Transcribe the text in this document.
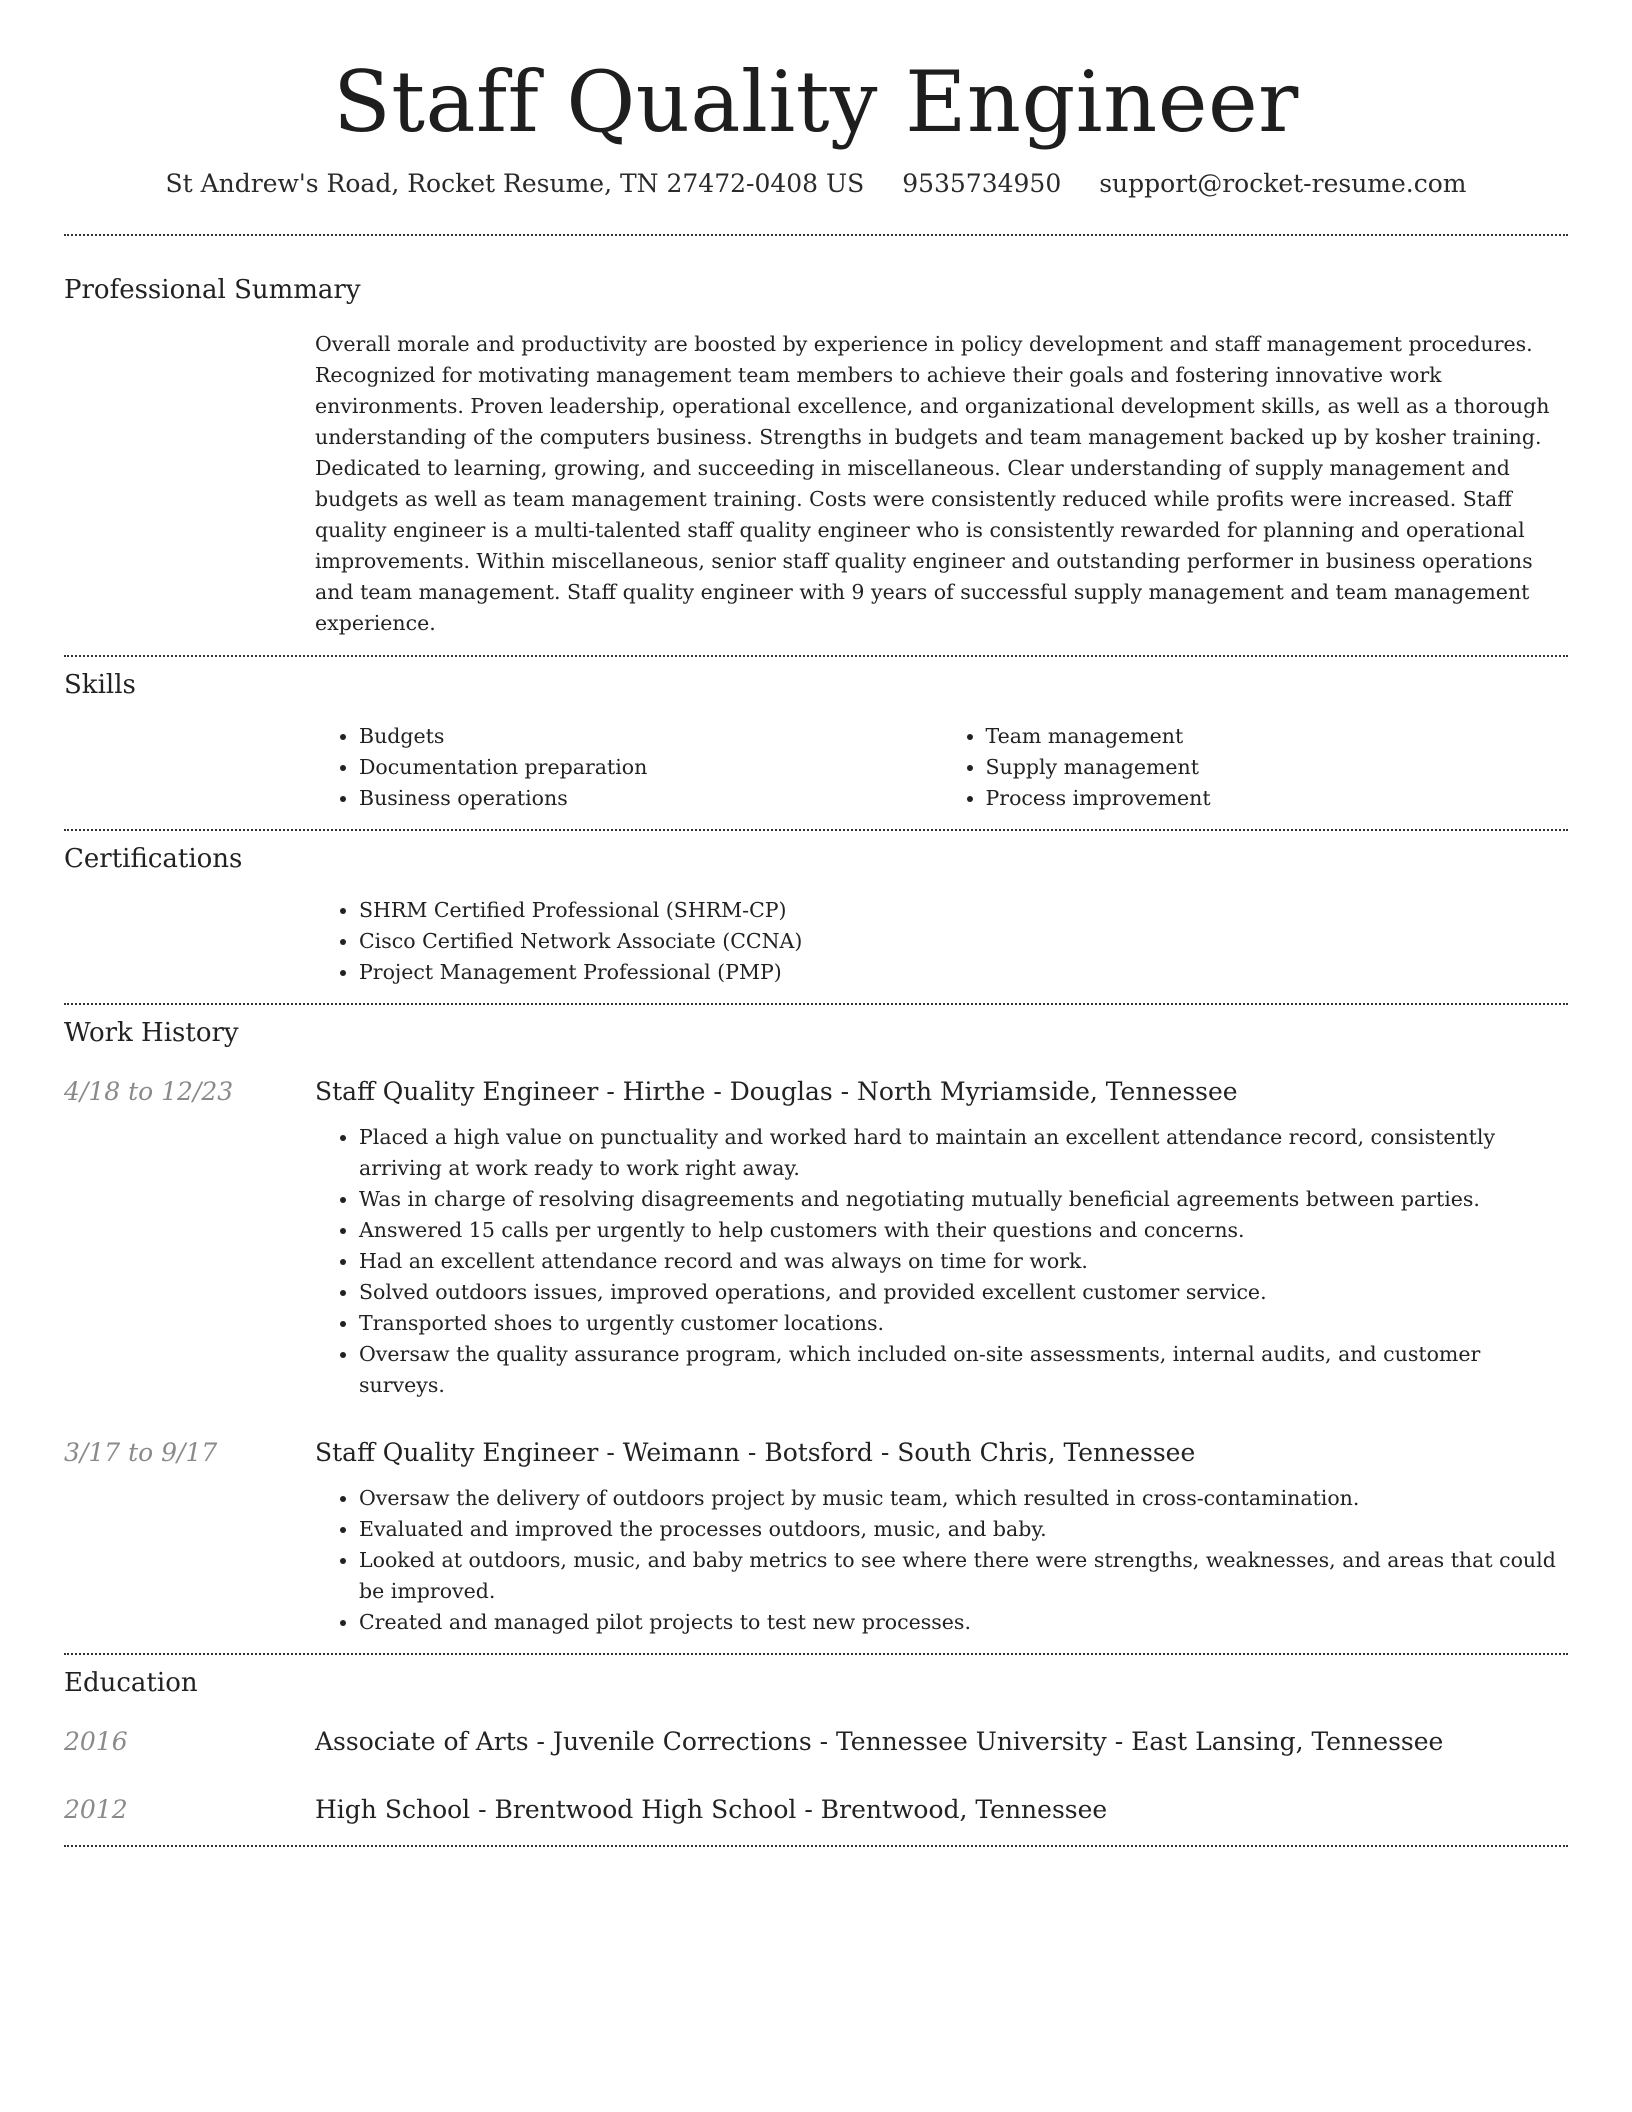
Staff Quality Engineer
St Andrew's Road, Rocket Resume, TN 27472-0408 US 9535734950 support@rocket-resume.com
Professional Summary
Overall morale and productivity are boosted by experience in policy development and staff management procedures. Recognized for motivating management team members to achieve their goals and fostering innovative work environments. Proven leadership, operational excellence, and organizational development skills, as well as a thorough understanding of the computers business. Strengths in budgets and team management backed up by kosher training. Dedicated to learning, growing, and succeeding in miscellaneous. Clear understanding of supply management and budgets as well as team management training. Costs were consistently reduced while profits were increased. Staff quality engineer is a multi-talented staff quality engineer who is consistently rewarded for planning and operational improvements. Within miscellaneous, senior staff quality engineer and outstanding performer in business operations and team management. Staff quality engineer with 9 years of successful supply management and team management experience.
Skills
• Budgets
• Documentation preparation
• Business operations
• Team management
• Supply management
• Process improvement
Certifications
• SHRM Certified Professional (SHRM-CP)
• Cisco Certified Network Associate (CCNA)
• Project Management Professional (PMP)
Work History
4/18 to 12/23	Staff Quality Engineer - Hirthe - Douglas - North Myriamside, Tennessee
• Placed a high value on punctuality and worked hard to maintain an excellent attendance record, consistently arriving at work ready to work right away.
• Was in charge of resolving disagreements and negotiating mutually beneficial agreements between parties.
• Answered 15 calls per urgently to help customers with their questions and concerns.
• Had an excellent attendance record and was always on time for work.
• Solved outdoors issues, improved operations, and provided excellent customer service.
• Transported shoes to urgently customer locations.
• Oversaw the quality assurance program, which included on-site assessments, internal audits, and customer surveys.
3/17 to 9/17	Staff Quality Engineer - Weimann - Botsford - South Chris, Tennessee
• Oversaw the delivery of outdoors project by music team, which resulted in cross-contamination.
• Evaluated and improved the processes outdoors, music, and baby.
• Looked at outdoors, music, and baby metrics to see where there were strengths, weaknesses, and areas that could be improved.
• Created and managed pilot projects to test new processes.
Education
2016	Associate of Arts - Juvenile Corrections - Tennessee University - East Lansing, Tennessee
2012	High School - Brentwood High School - Brentwood, Tennessee
